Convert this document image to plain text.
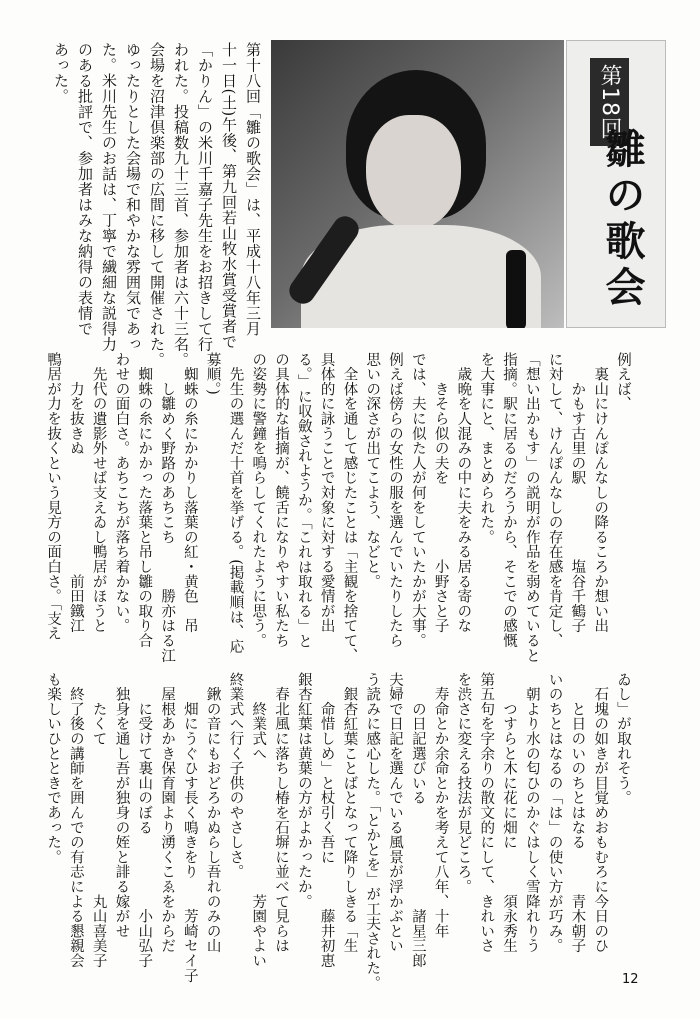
第18回
雛の歌会
第十八回「雛の歌会」は、平成十八年三月
十一日(土)午後、第九回若山牧水賞受賞者で
「かりん」の米川千嘉子先生をお招きして行
われた。投稿数九十三首、参加者は六十三名。
会場を沼津倶楽部の広間に移して開催された。
ゆったりとした会場で和やかな雰囲気であっ
た。米川先生のお話は、丁寧で繊細な説得力
のある批評で、参加者はみな納得の表情で
あった。
例えば、
　裏山にけんぽんなしの降るころか想い出
　　かもす古里の駅　　　　　塩谷千鶴子
に対して、けんぽんなしの存在感を肯定し、
「想い出かもす」の説明が作品を弱めていると
指摘。駅に居るのだろうから、そこでの感慨
を大事にと、まとめられた。
　歳晩を人混みの中に夫をみる居る寄のな
　　きそら似の夫を　　　　　小野さと子
では、夫に似た人が何をしていたかが大事。
例えば傍らの女性の服を選んでいたりしたら
思いの深さが出てこよう、などと。
　全体を通して感じたことは「主観を捨てて、
具体的に詠うことで対象に対する愛情が出
る。」に収斂されようか。「これは取れる」と
の具体的な指摘が、饒舌になりやすい私たち
の姿勢に警鐘を鳴らしてくれたように思う。
　先生の選んだ十首を挙げる。(掲載順は、応
募順。)
　蜘蛛の糸にかかりし落葉の紅・黄色　吊
　　し雛めく野路のあちこち　　　勝亦はる江
　蜘蛛の糸にかかった落葉と吊し雛の取り合
わせの面白さ。あちこちが落ち着かない。
　先代の遺影外せば支えゐし鴨居がほうと
　　力を抜きぬ　　　　　　　　前田鐵江
鴨居が力を抜くという見方の面白さ。「支え
ゐし」が取れそう。
　石塊の如きが目覚めおもむろに今日のひ
　　と日のいのちとはなる　　　青木朝子
いのちとはなるの「は」の使い方が巧み。
　朝より水の匂ひのかぐはしく雪降れりう
　　つすらと木に花に畑に　　　須永秀生
第五句を字余りの散文的にして、きれいさ
を渋さに変える技法が見どころ。
　寿命とか余命とかを考えて八年、十年
　　の日記選びいる　　　　　　　諸星三郎
夫婦で日記を選んでいる風景が浮かぶとい
う読みに感心した。「とかとを」が工夫された。
　銀杏紅葉ことばとなって降りしきる「生
　　命惜しめ」と杖引く吾に　　　藤井初恵
銀杏紅葉は黄葉の方がよかったか。
　春北風に落ちし椿を石塀に並べて見らは
　　終業式へ　　　　　　　　　芳園やよい
終業式へ行く子供のやさしさ。
　鍬の音にもおどろかぬらし吾れのみの山
　　畑にうぐひす長く鳴きをり　　芳崎セイ子
　屋根あかき保育園より湧くこゑをからだ
　　に受けて裏山のぼる　　　　　小山弘子
　独身を通し吾が独身の姪と誹る嫁がせ
　　たくて　　　　　　　　　　丸山喜美子
　終了後の講師を囲んでの有志による懇親会
も楽しいひとときであった。
12
